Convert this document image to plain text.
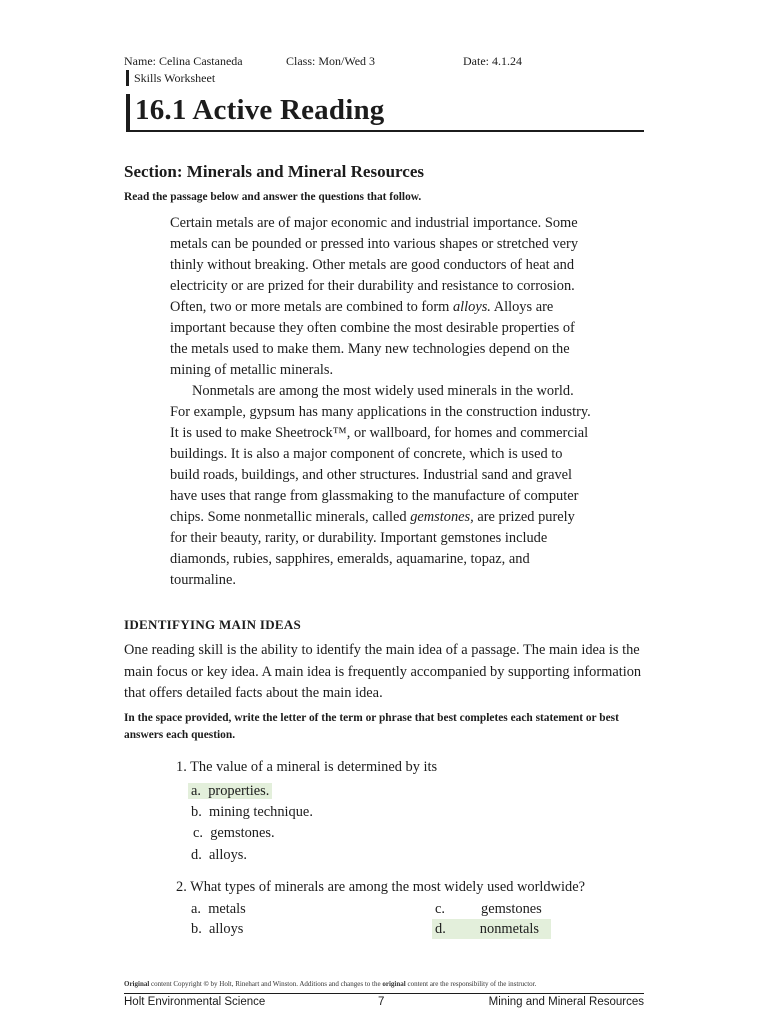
Name: Celina Castaneda	Class: Mon/Wed 3	Date: 4.1.24
Skills Worksheet
16.1 Active Reading
Section: Minerals and Mineral Resources
Read the passage below and answer the questions that follow.

Certain metals are of major economic and industrial importance. Some metals can be pounded or pressed into various shapes or stretched very thinly without breaking. Other metals are good conductors of heat and electricity or are prized for their durability and resistance to corrosion. Often, two or more metals are combined to form alloys. Alloys are important because they often combine the most desirable properties of the metals used to make them. Many new technologies depend on the mining of metallic minerals.

Nonmetals are among the most widely used minerals in the world. For example, gypsum has many applications in the construction industry. It is used to make Sheetrock™, or wallboard, for homes and commercial buildings. It is also a major component of concrete, which is used to build roads, buildings, and other structures. Industrial sand and gravel have uses that range from glassmaking to the manufacture of computer chips. Some nonmetallic minerals, called gemstones, are prized purely for their beauty, rarity, or durability. Important gemstones include diamonds, rubies, sapphires, emeralds, aquamarine, topaz, and tourmaline.

IDENTIFYING MAIN IDEAS

One reading skill is the ability to identify the main idea of a passage. The main idea is the main focus or key idea. A main idea is frequently accompanied by supporting information that offers detailed facts about the main idea.

In the space provided, write the letter of the term or phrase that best completes each statement or best answers each question.
1. The value of a mineral is determined by its
a. properties.
b. mining technique.
c. gemstones.
d. alloys.
2. What types of minerals are among the most widely used worldwide?
a. metals
b. alloys
c.	gemstones
d. nonmetals
Original content Copyright © by Holt, Rinehart and Winston. Additions and changes to the original content are the responsibility of the instructor.
Holt Environmental Science	7	Mining and Mineral Resources
